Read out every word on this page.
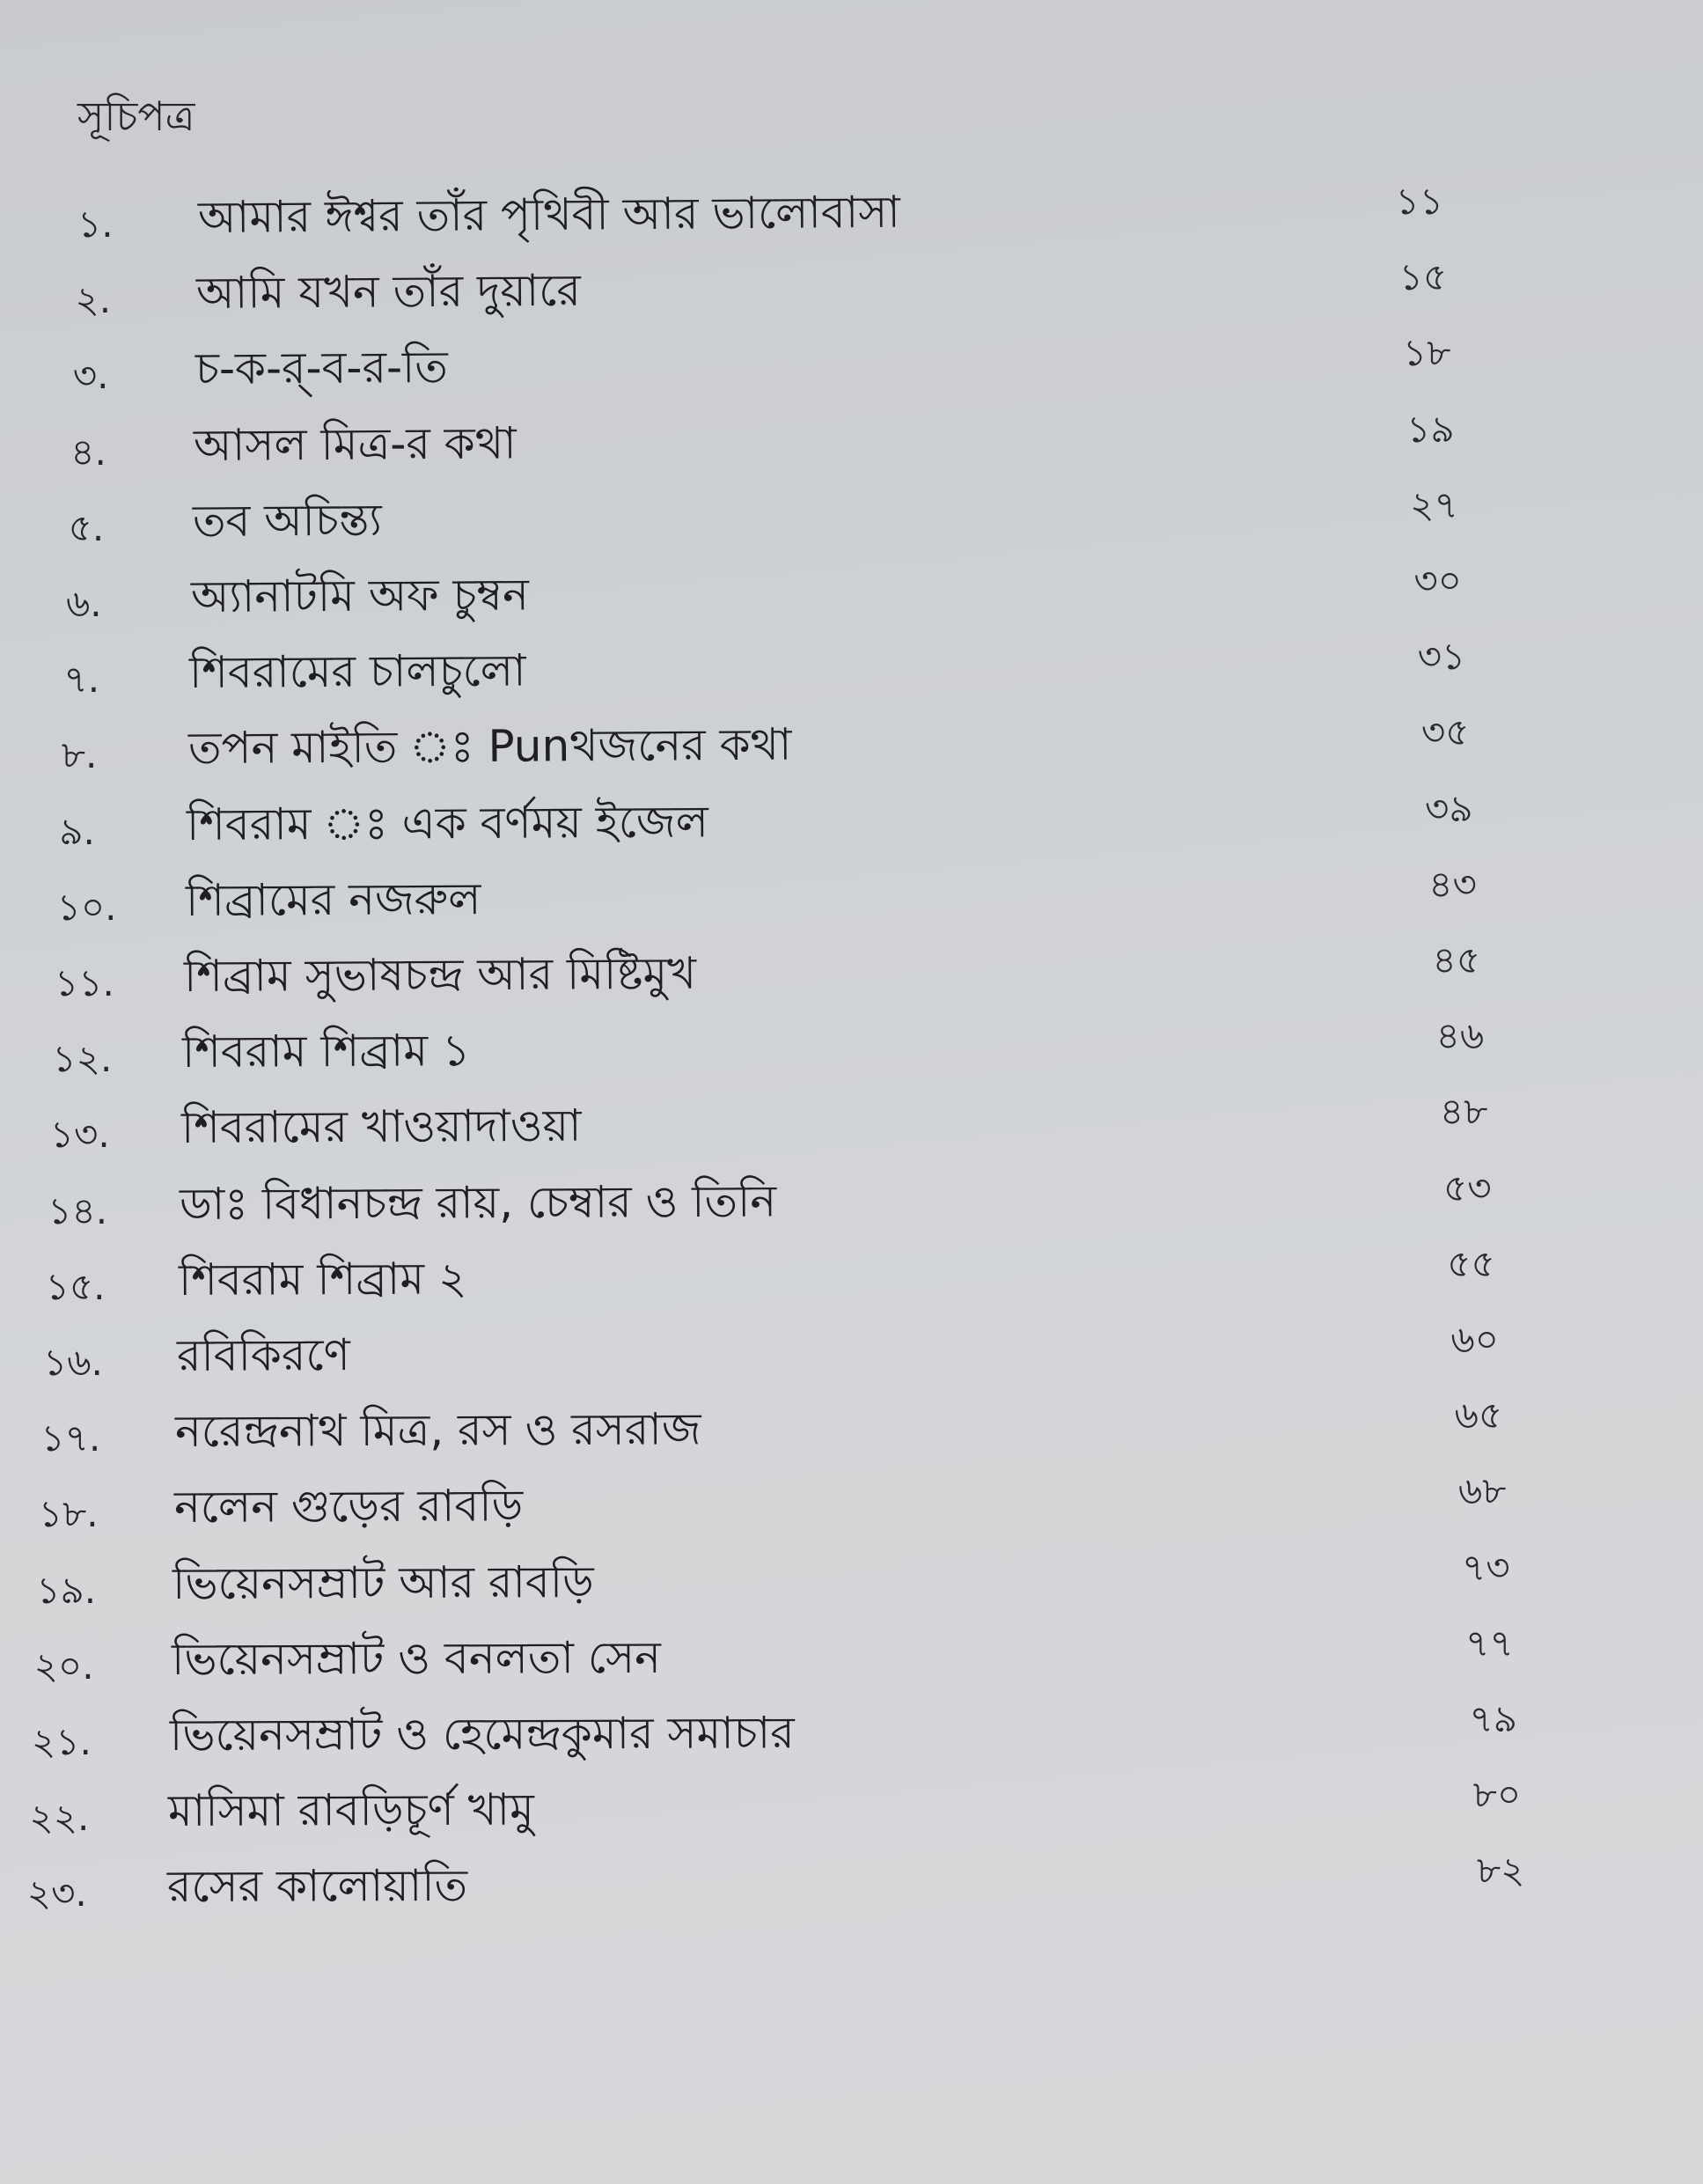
সূচিপত্র
১. আমার ঈশ্বর তাঁর পৃথিবী আর ভালোবাসা	১১
২. আমি যখন তাঁর দুয়ারে	১৫
৩. চ-ক-র্-ব-র-তি	১৮
৪. আসল মিত্র-র কথা	১৯
৫. তব অচিন্ত্য	২৭
৬. অ্যানাটমি অফ চুম্বন	৩০
৭. শিবরামের চালচুলো	৩১
৮. তপন মাইতি ঃ Punথজনের কথা	৩৫
৯. শিবরাম ঃ এক বর্ণময় ইজেল	৩৯
১০. শিব্রামের নজরুল	৪৩
১১. শিব্রাম সুভাষচন্দ্র আর মিষ্টিমুখ	৪৫
১২. শিবরাম শিব্রাম ১	৪৬
১৩. শিবরামের খাওয়াদাওয়া	৪৮
১৪. ডাঃ বিধানচন্দ্র রায়, চেম্বার ও তিনি	৫৩
১৫. শিবরাম শিব্রাম ২	৫৫
১৬. রবিকিরণে	৬০
১৭. নরেন্দ্রনাথ মিত্র, রস ও রসরাজ	৬৫
১৮. নলেন গুড়ের রাবড়ি	৬৮
১৯. ভিয়েনসম্রাট আর রাবড়ি	৭৩
২০. ভিয়েনসম্রাট ও বনলতা সেন	৭৭
২১. ভিয়েনসম্রাট ও হেমেন্দ্রকুমার সমাচার	৭৯
২২. মাসিমা রাবড়িচূর্ণ খামু	৮০
২৩. রসের কালোয়াতি	৮২
